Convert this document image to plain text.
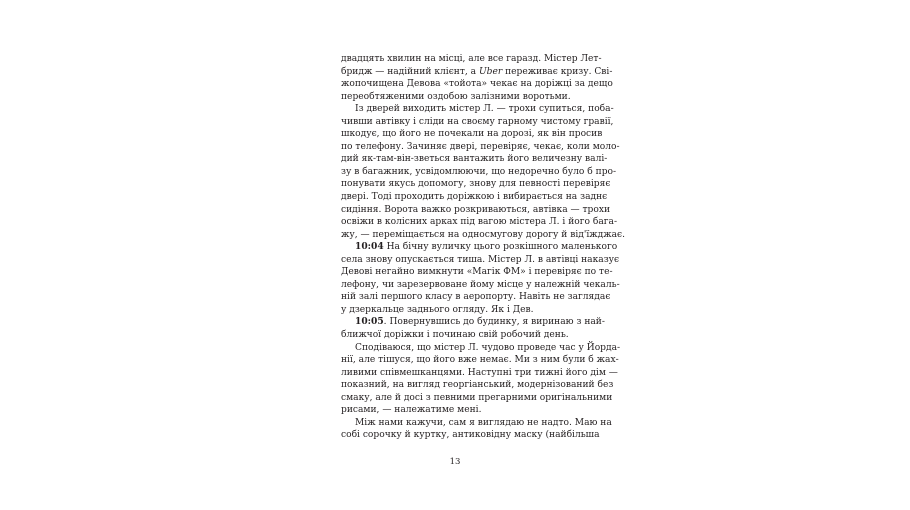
двадцять хвилин на місці, але все гаразд. Містер Лет-
бридж — надійний клієнт, а Uber переживає кризу. Сві-
жопочищена Девова «тойота» чекає на доріжці за дещо
переобтяженими оздобою залізними воротьми.
Із дверей виходить містер Л. — трохи супиться, поба-
чивши автівку і сліди на своєму гарному чистому гравії,
шкодує, що його не почекали на дорозі, як він просив
по телефону. Зачиняє двері, перевіряє, чекає, коли моло-
дий як-там-він-зветься вантажить його величезну валі-
зу в багажник, усвідомлюючи, що недоречно було б про-
понувати якусь допомогу, знову для певності перевіряє
двері. Тоді проходить доріжкою і вибирається на заднє
сидіння. Ворота важко розкриваються, автівка — трохи
освіжи в колісних арках під вагою містера Л. і його бага-
жу, — переміщається на односмугову дорогу й від'їжджає.
10:04 На бічну вуличку цього розкішного маленького
села знову опускається тиша. Містер Л. в автівці наказує
Девові негайно вимкнути «Магік ФМ» і перевіряє по те-
лефону, чи зарезервоване йому місце у належній чекаль-
ній залі першого класу в аеропорту. Навіть не заглядає
у дзеркальце заднього огляду. Як і Дев.
10:05. Повернувшись до будинку, я виринаю з най-
ближчої доріжки і починаю свій робочий день.
Сподіваюся, що містер Л. чудово проведе час у Йорда-
нії, але тішуся, що його вже немає. Ми з ним були б жах-
ливими співмешканцями. Наступні три тижні його дім —
показний, на вигляд георгіанський, модернізований без
смаку, але й досі з певними прегарними оригінальними
рисами, — належатиме мені.
Між нами кажучи, сам я виглядаю не надто. Маю на
собі сорочку й куртку, антиковідну маску (найбільша
13
